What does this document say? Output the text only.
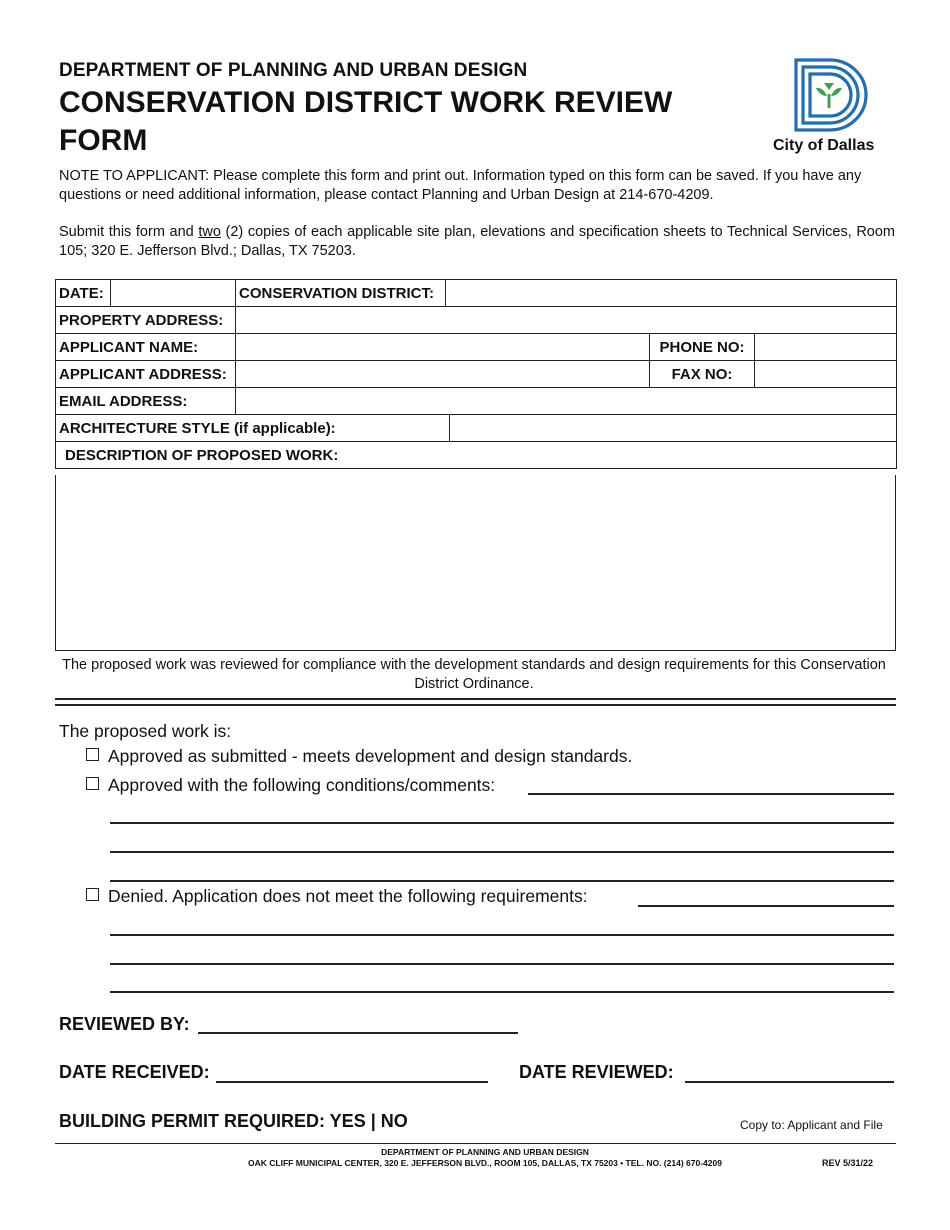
DEPARTMENT OF PLANNING AND URBAN DESIGN
CONSERVATION DISTRICT WORK REVIEW FORM	City of Dallas
NOTE TO APPLICANT: Please complete this form and print out. Information typed on this form can be saved. If you have any questions or need additional information, please contact Planning and Urban Design at 214-670-4209.
Submit this form and two (2) copies of each applicable site plan, elevations and specification sheets to Technical Services, Room 105; 320 E. Jefferson Blvd.; Dallas, TX 75203.
DATE:		CONSERVATION DISTRICT:				
PROPERTY ADDRESS:						
APPLICANT NAME:					PHONE NO:	
APPLICANT ADDRESS:					FAX NO:	
EMAIL ADDRESS:						
ARCHITECTURE STYLE (if applicable):						
DESCRIPTION OF PROPOSED WORK:						
The proposed work was reviewed for compliance with the development standards and design requirements for this Conservation District Ordinance.
The proposed work is:
Approved as submitted - meets development and design standards.
Approved with the following conditions/comments:
Denied. Application does not meet the following requirements:
REVIEWED BY:
DATE RECEIVED:	DATE REVIEWED:
BUILDING PERMIT REQUIRED: YES | NO	Copy to: Applicant and File
DEPARTMENT OF PLANNING AND URBAN DESIGN
OAK CLIFF MUNICIPAL CENTER, 320 E. JEFFERSON BLVD., ROOM 105, DALLAS, TX 75203 • TEL. NO. (214) 670-4209	REV 5/31/22
